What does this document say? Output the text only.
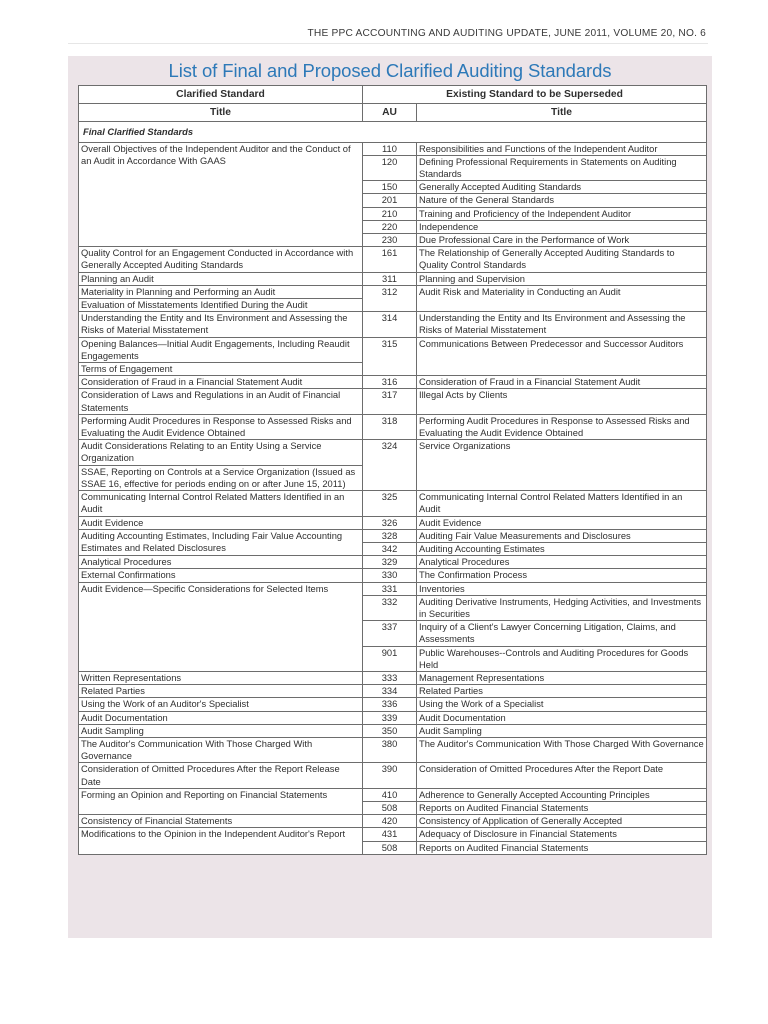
THE PPC ACCOUNTING AND AUDITING UPDATE, JUNE 2011, VOLUME 20, NO. 6
List of Final and Proposed Clarified Auditing Standards
Clarified Standard	Existing Standard to be Superseded	
Title	AU	Title
Final Clarified Standards		
Overall Objectives of the Independent Auditor and the Conduct of an Audit in Accordance With GAAS	110	Responsibilities and Functions of the Independent Auditor
	120	Defining Professional Requirements in Statements on Auditing Standards
	150	Generally Accepted Auditing Standards
	201	Nature of the General Standards
	210	Training and Proficiency of the Independent Auditor
	220	Independence
	230	Due Professional Care in the Performance of Work
Quality Control for an Engagement Conducted in Accordance with Generally Accepted Auditing Standards	161	The Relationship of Generally Accepted Auditing Standards to Quality Control Standards
Planning an Audit	311	Planning and Supervision
Materiality in Planning and Performing an Audit	312	Audit Risk and Materiality in Conducting an Audit
Evaluation of Misstatements Identified During the Audit		
Understanding the Entity and Its Environment and Assessing the Risks of Material Misstatement	314	Understanding the Entity and Its Environment and Assessing the Risks of Material Misstatement
Opening Balances—Initial Audit Engagements, Including Reaudit Engagements	315	Communications Between Predecessor and Successor Auditors
Terms of Engagement		
Consideration of Fraud in a Financial Statement Audit	316	Consideration of Fraud in a Financial Statement Audit
Consideration of Laws and Regulations in an Audit of Financial Statements	317	Illegal Acts by Clients
Performing Audit Procedures in Response to Assessed Risks and Evaluating the Audit Evidence Obtained	318	Performing Audit Procedures in Response to Assessed Risks and Evaluating the Audit Evidence Obtained
Audit Considerations Relating to an Entity Using a Service Organization	324	Service Organizations
SSAE, Reporting on Controls at a Service Organization (Issued as SSAE 16, effective for periods ending on or after June 15, 2011)		
Communicating Internal Control Related Matters Identified in an Audit	325	Communicating Internal Control Related Matters Identified in an Audit
Audit Evidence	326	Audit Evidence
Auditing Accounting Estimates, Including Fair Value Accounting Estimates and Related Disclosures	328	Auditing Fair Value Measurements and Disclosures
	342	Auditing Accounting Estimates
Analytical Procedures	329	Analytical Procedures
External Confirmations	330	The Confirmation Process
Audit Evidence—Specific Considerations for Selected Items	331	Inventories
	332	Auditing Derivative Instruments, Hedging Activities, and Investments in Securities
	337	Inquiry of a Client's Lawyer Concerning Litigation, Claims, and Assessments
	901	Public Warehouses--Controls and Auditing Procedures for Goods Held
Written Representations	333	Management Representations
Related Parties	334	Related Parties
Using the Work of an Auditor's Specialist	336	Using the Work of a Specialist
Audit Documentation	339	Audit Documentation
Audit Sampling	350	Audit Sampling
The Auditor's Communication With Those Charged With Governance	380	The Auditor's Communication With Those Charged With Governance
Consideration of Omitted Procedures After the Report Release Date	390	Consideration of Omitted Procedures After the Report Date
Forming an Opinion and Reporting on Financial Statements	410	Adherence to Generally Accepted Accounting Principles
	508	Reports on Audited Financial Statements
Consistency of Financial Statements	420	Consistency of Application of Generally Accepted
Modifications to the Opinion in the Independent Auditor's Report	431	Adequacy of Disclosure in Financial Statements
	508	Reports on Audited Financial Statements
